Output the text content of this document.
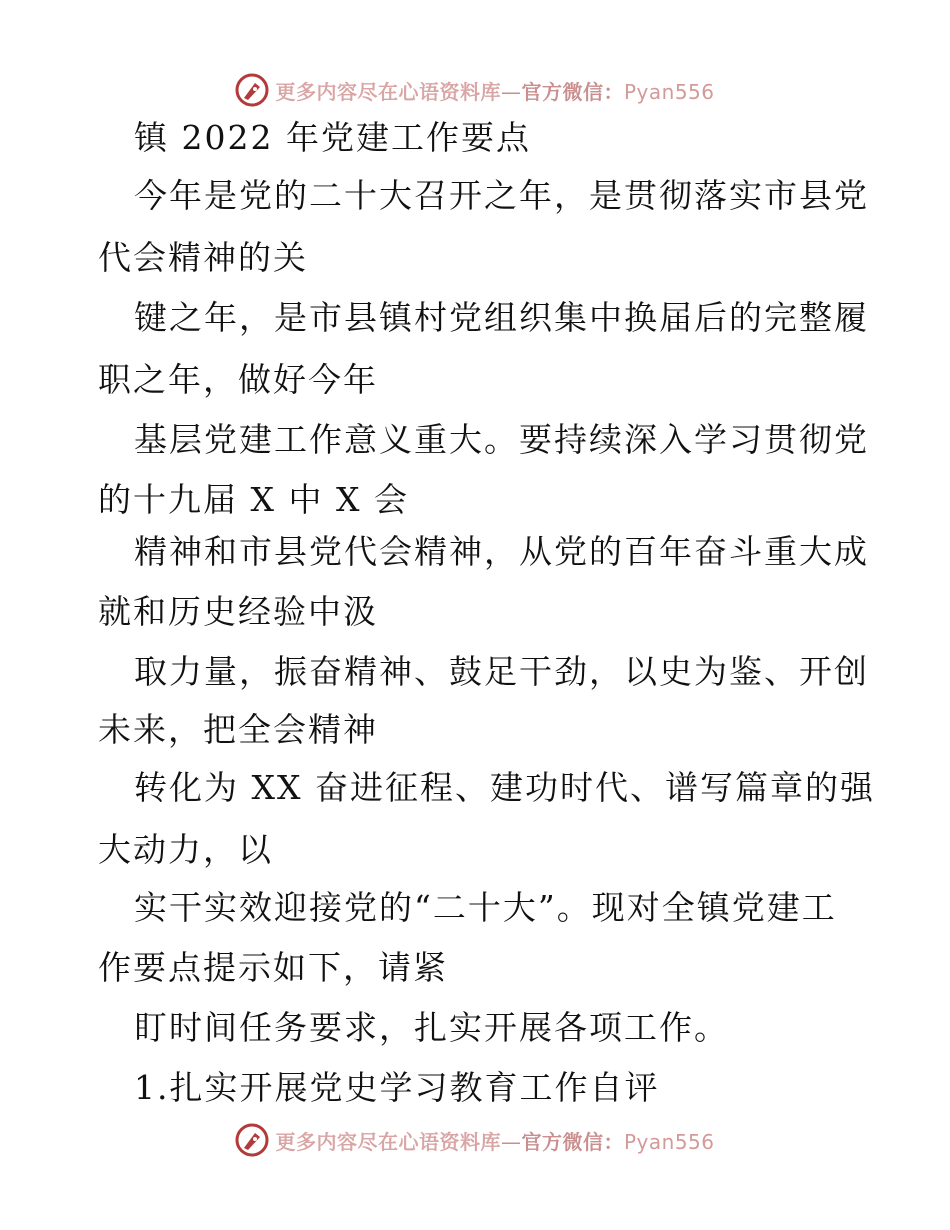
更多内容尽在心语资料库—官方微信：Pyan556
镇 2022 年党建工作要点
今年是党的二十大召开之年，是贯彻落实市县党
代会精神的关
键之年，是市县镇村党组织集中换届后的完整履
职之年，做好今年
基层党建工作意义重大。要持续深入学习贯彻党
的十九届 X 中 X 会
精神和市县党代会精神，从党的百年奋斗重大成
就和历史经验中汲
取力量，振奋精神、鼓足干劲，以史为鉴、开创
未来，把全会精神
转化为 XX 奋进征程、建功时代、谱写篇章的强
大动力，以
实干实效迎接党的“二十大”。现对全镇党建工
作要点提示如下，请紧
盯时间任务要求，扎实开展各项工作。
1.扎实开展党史学习教育工作自评
更多内容尽在心语资料库—官方微信：Pyan556
